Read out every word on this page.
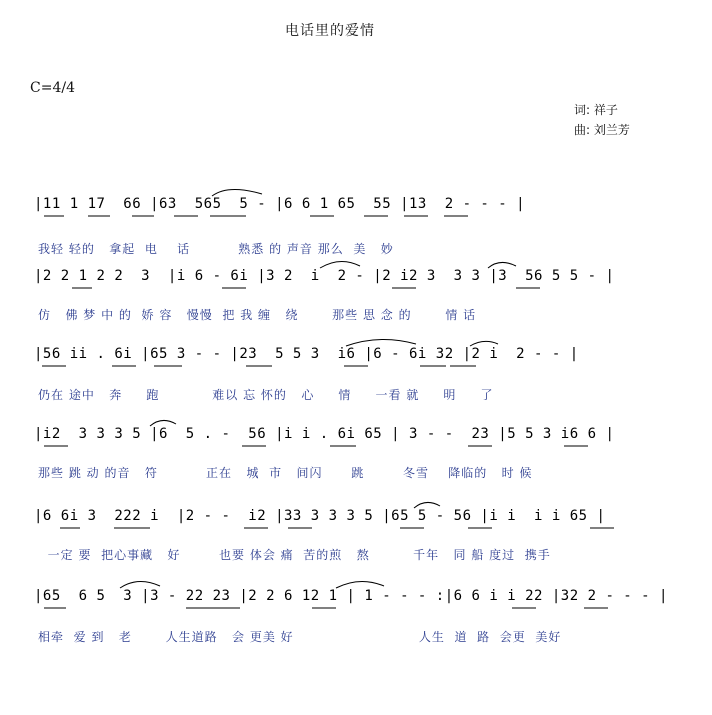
电话里的爱情
C=4/4
词: 祥子
曲: 刘兰芳
|11 1 17  66 |63  565  5 - |6 6 1 65  55 |13  2 - - - |
我轻 轻的   拿起  电    话          熟悉 的 声音 那么  美   妙
|2 2 1 2 2  3  |i 6 - 6i |3 2  i  2 - |2 i2 3  3 3 |3  56 5 5 - |
仿   佛 梦 中 的  娇 容   慢慢  把 我 缠   绕       那些 思 念 的       情 话
|56 ii . 6i |65 3 - - |23  5 5 3  i6 |6 - 6i 32 |2 i  2 - - |
仍在 途中   奔     跑           难以 忘 怀的   心     情     一看 就     明     了
|i2  3 3 3 5 |6  5 . -  56 |i i . 6i 65 | 3 - -  23 |5 5 3 i6 6 |
那些 跳 动 的音   符          正在   城  市   间闪      跳        冬雪    降临的   时 候
|6 6i 3  222 i  |2 - -  i2 |33 3 3 3 5 |65 5 - 56 |i i  i i 65 |
一定 要  把心事藏   好        也要 体会 痛  苦的煎   熬         千年   同 船 度过  携手
|65  6 5  3 |3 - 22 23 |2 2 6 12 1 | 1 - - - :|6 6 i i 22 |32 2 - - - |
相牵  爱 到   老       人生道路   会 更美 好                          人生  道  路  会更  美好
